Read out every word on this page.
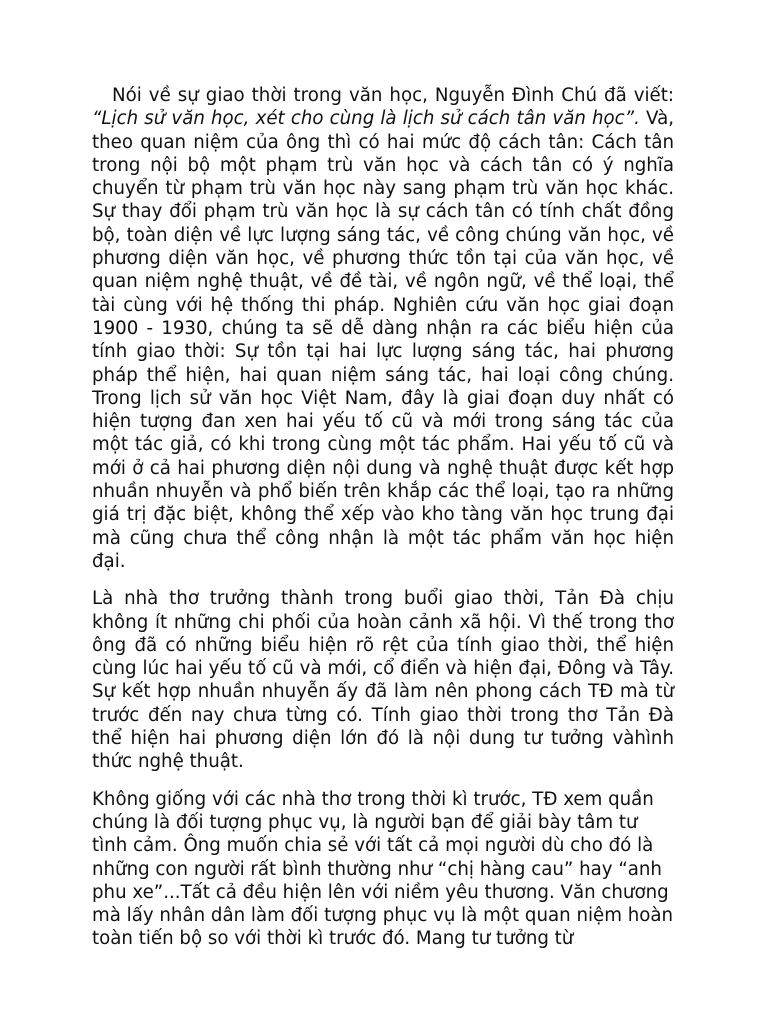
Nói về sự giao thời trong văn học, Nguyễn Đình Chú đã viết: “Lịch sử văn học, xét cho cùng là lịch sử cách tân văn học”. Và, theo quan niệm của ông thì có hai mức độ cách tân: Cách tân trong nội bộ một phạm trù văn học và cách tân có ý nghĩa chuyển từ phạm trù văn học này sang phạm trù văn học khác. Sự thay đổi phạm trù văn học là sự cách tân có tính chất đồng bộ, toàn diện về lực lượng sáng tác, về công chúng văn học, về phương diện văn học, về phương thức tồn tại của văn học, về quan niệm nghệ thuật, về đề tài, về ngôn ngữ, về thể loại, thể tài cùng với hệ thống thi pháp. Nghiên cứu văn học giai đoạn 1900 - 1930, chúng ta sẽ dễ dàng nhận ra các biểu hiện của tính giao thời: Sự tồn tại hai lực lượng sáng tác, hai phương pháp thể hiện, hai quan niệm sáng tác, hai loại công chúng. Trong lịch sử văn học Việt Nam, đây là giai đoạn duy nhất có hiện tượng đan xen hai yếu tố cũ và mới trong sáng tác của một tác giả, có khi trong cùng một tác phẩm. Hai yếu tố cũ và mới ở cả hai phương diện nội dung và nghệ thuật được kết hợp nhuần nhuyễn và phổ biến trên khắp các thể loại, tạo ra những giá trị đặc biệt, không thể xếp vào kho tàng văn học trung đại mà cũng chưa thể công nhận là một tác phẩm văn học hiện đại.

Là nhà thơ trưởng thành trong buổi giao thời, Tản Đà chịu không ít những chi phối của hoàn cảnh xã hội. Vì thế trong thơ ông đã có những biểu hiện rõ rệt của tính giao thời, thể hiện cùng lúc hai yếu tố cũ và mới, cổ điển và hiện đại, Đông và Tây. Sự kết hợp nhuần nhuyễn ấy đã làm nên phong cách TĐ mà từ trước đến nay chưa từng có. Tính giao thời trong thơ Tản Đà thể hiện hai phương diện lớn đó là nội dung tư tưởng vàhình thức nghệ thuật.

Không giống với các nhà thơ trong thời kì trước, TĐ xem quần chúng là đối tượng phục vụ, là người bạn để giải bày tâm tư tình cảm. Ông muốn chia sẻ với tất cả mọi người dù cho đó là những con người rất bình thường như “chị hàng cau” hay “anh phu xe”...Tất cả đều hiện lên với niềm yêu thương. Văn chương mà lấy nhân dân làm đối tượng phục vụ là một quan niệm hoàn toàn tiến bộ so với thời kì trước đó. Mang tư tưởng từ
